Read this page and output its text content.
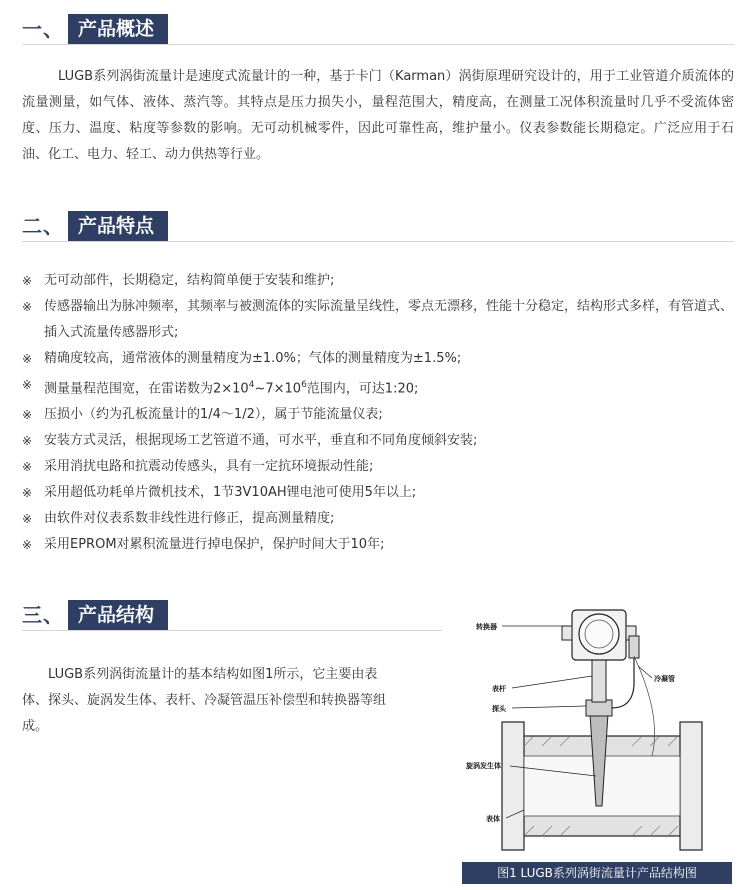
一、 产品概述

LUGB系列涡街流量计是速度式流量计的一种，基于卡门（Karman）涡街原理研究设计的，用于工业管道介质流体的流量测量，如气体、液体、蒸汽等。其特点是压力损失小，量程范围大，精度高，在测量工况体积流量时几乎不受流体密度、压力、温度、粘度等参数的影响。无可动机械零件，因此可靠性高，维护量小。仪表参数能长期稳定。广泛应用于石油、化工、电力、轻工、动力供热等行业。

二、 产品特点
※ 无可动部件，长期稳定，结构简单便于安装和维护;
※ 传感器输出为脉冲频率，其频率与被测流体的实际流量呈线性，零点无漂移，性能十分稳定，结构形式多样，有管道式、插入式流量传感器形式;
※ 精确度较高，通常液体的测量精度为±1.0%；气体的测量精度为±1.5%;
※ 测量量程范围宽，在雷诺数为$2\times 10^4\sim 7\times 10^6$范围内，可达1:20;
※ 压损小（约为孔板流量计的1/4～1/2），属于节能流量仪表;
※ 安装方式灵活，根据现场工艺管道不通，可水平，垂直和不同角度倾斜安装;
※ 采用消扰电路和抗震动传感头，具有一定抗环境振动性能;
※ 采用超低功耗单片微机技术，1节3V10AH锂电池可使用5年以上;
※ 由软件对仪表系数非线性进行修正，提高测量精度;
※ 采用EPROM对累积流量进行掉电保护，保护时间大于10年;
三、 产品结构

LUGB系列涡街流量计的基本结构如图1所示，它主要由表体、探头、旋涡发生体、表杆、冷凝管温压补偿型和转换器等组成。

转换器
表杆
探头
冷凝管
旋涡发生体
表体
图1 LUGB系列涡街流量计产品结构图
